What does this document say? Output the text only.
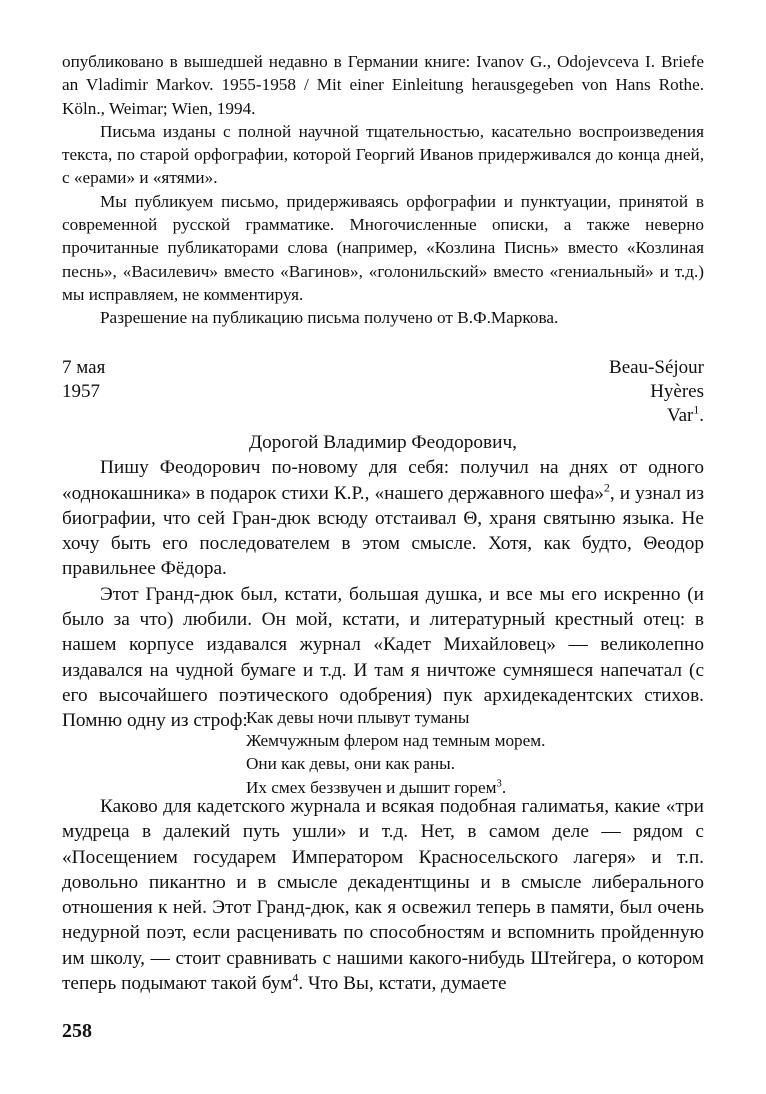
опубликовано в вышедшей недавно в Германии книге: Ivanov G., Odojevceva I. Briefe an Vladimir Markov. 1955-1958 / Mit einer Einleitung herausgegeben von Hans Rothe. Köln., Weimar; Wien, 1994.

Письма изданы с полной научной тщательностью, касательно воспроизведения текста, по старой орфографии, которой Георгий Иванов придерживался до конца дней, с «ерами» и «ятями».

Мы публикуем письмо, придерживаясь орфографии и пунктуации, принятой в современной русской грамматике. Многочисленные описки, а также неверно прочитанные публикаторами слова (например, «Козлина Писнь» вместо «Козлиная песнь», «Василевич» вместо «Вагинов», «голонильский» вместо «гениальный» и т.д.) мы исправляем, не комментируя.

Разрешение на публикацию письма получено от В.Ф.Маркова.

7 мая
1957
Beau-Séjour
Hyères
Var$^1$.

Дорогой Владимир Феодорович,

Пишу Феодорович по-новому для себя: получил на днях от одного «однокашника» в подарок стихи К.Р., «нашего державного шефа»$^2$, и узнал из биографии, что сей Гран-дюк всюду отстаивал Θ, храня святыню языка. Не хочу быть его последователем в этом смысле. Хотя, как будто, Θеодор правильнее Фёдора.

Этот Гранд-дюк был, кстати, большая душка, и все мы его искренно (и было за что) любили. Он мой, кстати, и литературный крестный отец: в нашем корпусе издавался журнал «Кадет Михайловец» — великолепно издавался на чудной бумаге и т.д. И там я ничтоже сумняшеся напечатал (с его высочайшего поэтического одобрения) пук архидекадентских стихов. Помню одну из строф:

Как девы ночи плывут туманы
Жемчужным флером над темным морем.
Они как девы, они как раны.
Их смех беззвучен и дышит горем$^3$.

Каково для кадетского журнала и всякая подобная галиматья, какие «три мудреца в далекий путь ушли» и т.д. Нет, в самом деле — рядом с «Посещением государем Императором Красносельского лагеря» и т.п. довольно пикантно и в смысле декадентщины и в смысле либерального отношения к ней. Этот Гранд-дюк, как я освежил теперь в памяти, был очень недурной поэт, если расценивать по способностям и вспомнить пройденную им школу, — стоит сравнивать с нашими какого-нибудь Штейгера, о котором теперь подымают такой бум$^4$. Что Вы, кстати, думаете

258
